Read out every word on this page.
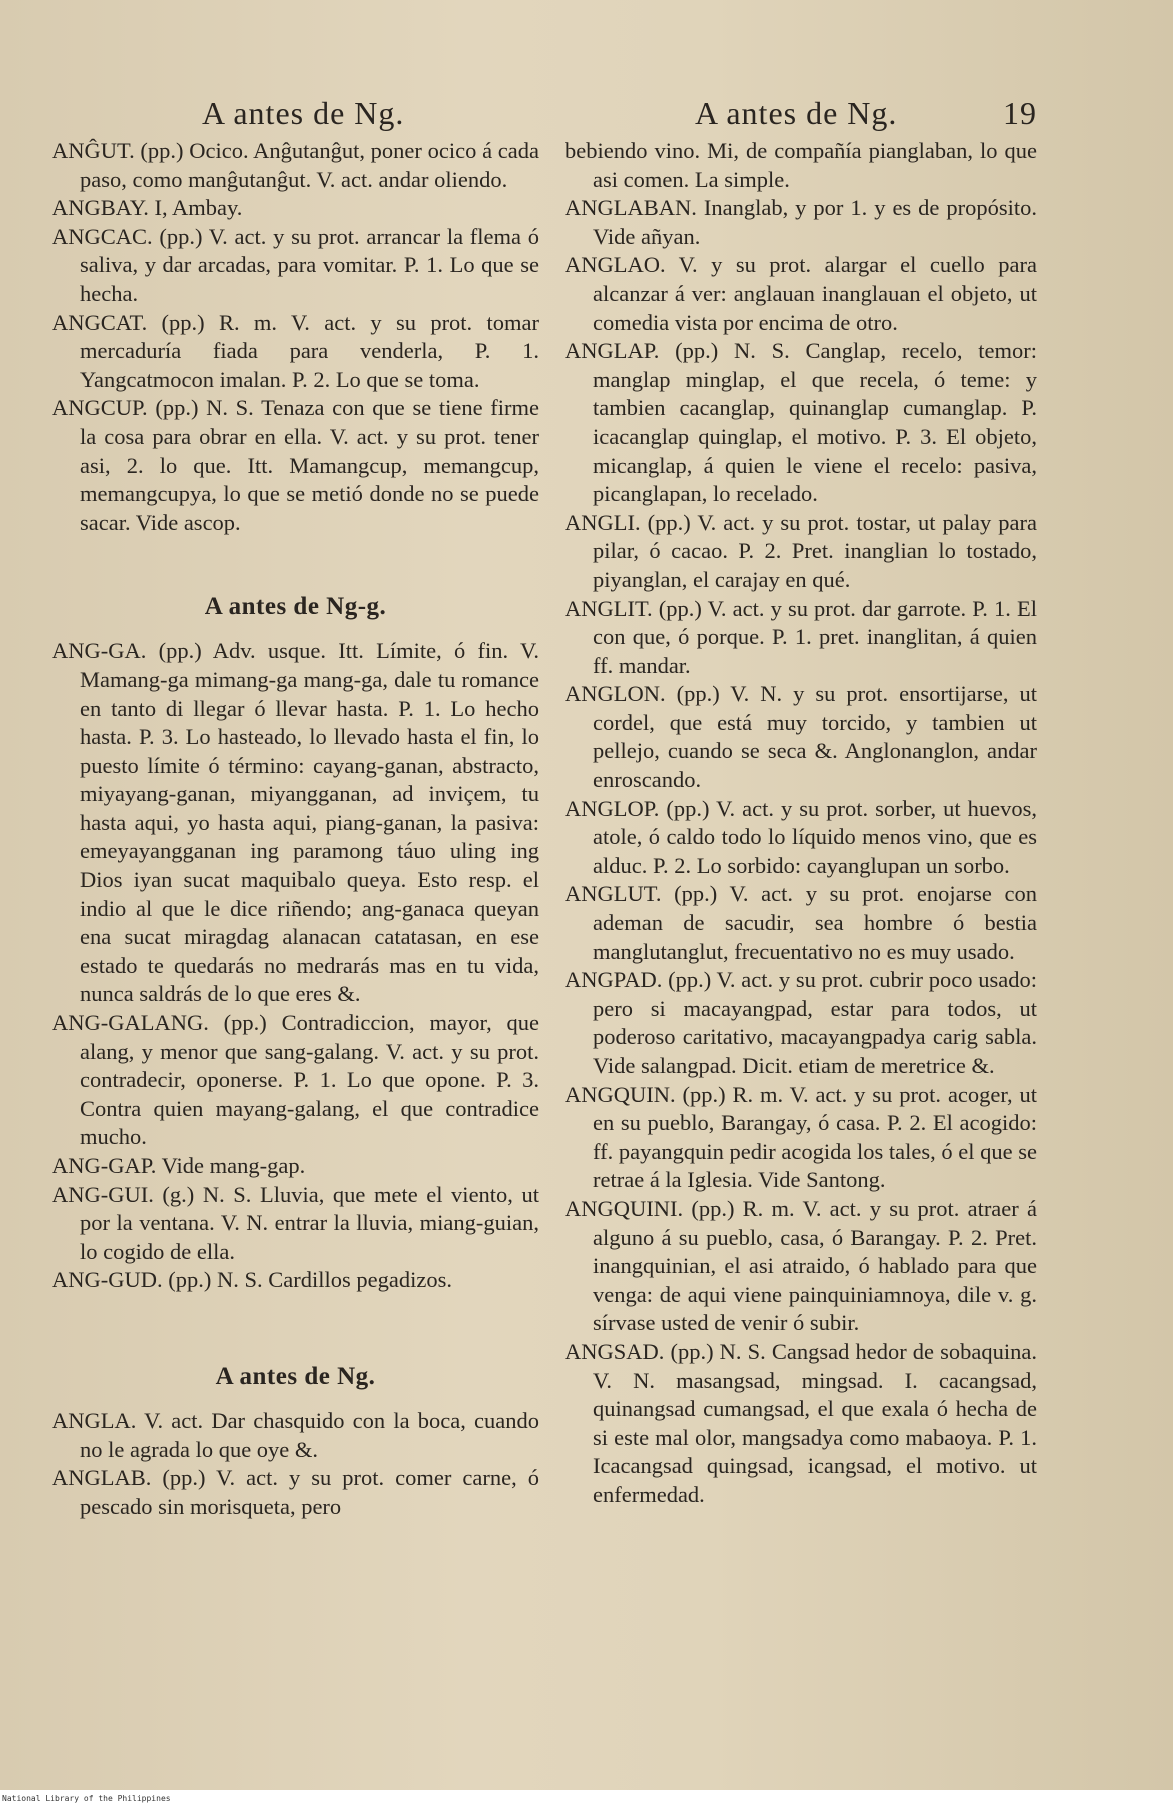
A antes de Ng.

ANĜUT. (pp.) Ocico. Anĝutanĝut, poner ocico á cada paso, como manĝutanĝut. V. act. andar oliendo.

ANGBAY. I, Ambay.

ANGCAC. (pp.) V. act. y su prot. arrancar la flema ó saliva, y dar arcadas, para vomitar. P. 1. Lo que se hecha.

ANGCAT. (pp.) R. m. V. act. y su prot. tomar mercaduría fiada para venderla, P. 1. Yangcatmocon imalan. P. 2. Lo que se toma.

ANGCUP. (pp.) N. S. Tenaza con que se tiene firme la cosa para obrar en ella. V. act. y su prot. tener asi, 2. lo que. Itt. Mamangcup, memangcup, memangcupya, lo que se metió donde no se puede sacar. Vide ascop.

A antes de Ng-g.

ANG-GA. (pp.) Adv. usque. Itt. Límite, ó fin. V. Mamang-ga mimang-ga mang-ga, dale tu romance en tanto di llegar ó llevar hasta. P. 1. Lo hecho hasta. P. 3. Lo hasteado, lo llevado hasta el fin, lo puesto límite ó término: cayang-ganan, abstracto, miyayang-ganan, miyangganan, ad inviçem, tu hasta aqui, yo hasta aqui, piang-ganan, la pasiva: emeyayangganan ing paramong táuo uling ing Dios iyan sucat maquibalo queya. Esto resp. el indio al que le dice riñendo; ang-ganaca queyan ena sucat miragdag alanacan catatasan, en ese estado te quedarás no medrarás mas en tu vida, nunca saldrás de lo que eres &.

ANG-GALANG. (pp.) Contradiccion, mayor, que alang, y menor que sang-galang. V. act. y su prot. contradecir, oponerse. P. 1. Lo que opone. P. 3. Contra quien mayang-galang, el que contradice mucho.

ANG-GAP. Vide mang-gap.

ANG-GUI. (g.) N. S. Lluvia, que mete el viento, ut por la ventana. V. N. entrar la lluvia, miang-guian, lo cogido de ella.

ANG-GUD. (pp.) N. S. Cardillos pegadizos.

A antes de Ng.

ANGLA. V. act. Dar chasquido con la boca, cuando no le agrada lo que oye &.

ANGLAB. (pp.) V. act. y su prot. comer carne, ó pescado sin morisqueta, pero

A antes de Ng.	19

bebiendo vino. Mi, de compañía pianglaban, lo que asi comen. La simple.

ANGLABAN. Inanglab, y por 1. y es de propósito. Vide añyan.

ANGLAO. V. y su prot. alargar el cuello para alcanzar á ver: anglauan inanglauan el objeto, ut comedia vista por encima de otro.

ANGLAP. (pp.) N. S. Canglap, recelo, temor: manglap minglap, el que recela, ó teme: y tambien cacanglap, quinanglap cumanglap. P. icacanglap quinglap, el motivo. P. 3. El objeto, micanglap, á quien le viene el recelo: pasiva, picanglapan, lo recelado.

ANGLI. (pp.) V. act. y su prot. tostar, ut palay para pilar, ó cacao. P. 2. Pret. inanglian lo tostado, piyanglan, el carajay en qué.

ANGLIT. (pp.) V. act. y su prot. dar garrote. P. 1. El con que, ó porque. P. 1. pret. inanglitan, á quien ff. mandar.

ANGLON. (pp.) V. N. y su prot. ensortijarse, ut cordel, que está muy torcido, y tambien ut pellejo, cuando se seca &. Anglonanglon, andar enroscando.

ANGLOP. (pp.) V. act. y su prot. sorber, ut huevos, atole, ó caldo todo lo líquido menos vino, que es alduc. P. 2. Lo sorbido: cayanglupan un sorbo.

ANGLUT. (pp.) V. act. y su prot. enojarse con ademan de sacudir, sea hombre ó bestia manglutanglut, frecuentativo no es muy usado.

ANGPAD. (pp.) V. act. y su prot. cubrir poco usado: pero si macayangpad, estar para todos, ut poderoso caritativo, macayangpadya carig sabla. Vide salangpad. Dicit. etiam de meretrice &.

ANGQUIN. (pp.) R. m. V. act. y su prot. acoger, ut en su pueblo, Barangay, ó casa. P. 2. El acogido: ff. payangquin pedir acogida los tales, ó el que se retrae á la Iglesia. Vide Santong.

ANGQUINI. (pp.) R. m. V. act. y su prot. atraer á alguno á su pueblo, casa, ó Barangay. P. 2. Pret. inangquinian, el asi atraido, ó hablado para que venga: de aqui viene painquiniamnoya, dile v. g. sírvase usted de venir ó subir.

ANGSAD. (pp.) N. S. Cangsad hedor de sobaquina. V. N. masangsad, mingsad. I. cacangsad, quinangsad cumangsad, el que exala ó hecha de si este mal olor, mangsadya como mabaoya. P. 1. Icacangsad quingsad, icangsad, el motivo. ut enfermedad.

National Library of the Philippines
